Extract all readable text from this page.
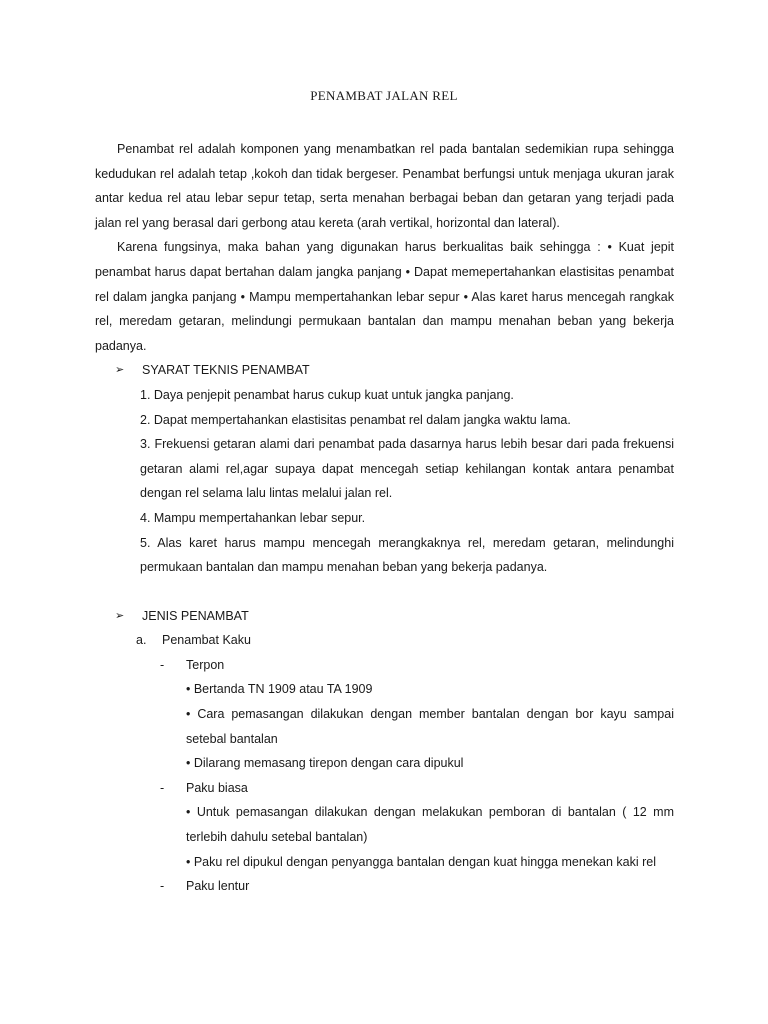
PENAMBAT JALAN REL

Penambat rel adalah komponen yang menambatkan rel pada bantalan sedemikian rupa sehingga kedudukan rel adalah tetap ,kokoh dan tidak bergeser. Penambat berfungsi untuk menjaga ukuran jarak antar kedua rel atau lebar sepur tetap, serta menahan berbagai beban dan getaran yang terjadi pada jalan rel yang berasal dari gerbong atau kereta (arah vertikal, horizontal dan lateral).

Karena fungsinya, maka bahan yang digunakan harus berkualitas baik sehingga : • Kuat jepit penambat harus dapat bertahan dalam jangka panjang • Dapat memepertahankan elastisitas penambat rel dalam jangka panjang • Mampu mempertahankan lebar sepur • Alas karet harus mencegah rangkak rel, meredam getaran, melindungi permukaan bantalan dan mampu menahan beban yang bekerja padanya.

➢ SYARAT TEKNIS PENAMBAT

1. Daya penjepit penambat harus cukup kuat untuk jangka panjang.

2. Dapat mempertahankan elastisitas penambat rel dalam jangka waktu lama.

3. Frekuensi getaran alami dari penambat pada dasarnya harus lebih besar dari pada frekuensi getaran alami rel,agar supaya dapat mencegah setiap kehilangan kontak antara penambat dengan rel selama lalu lintas melalui jalan rel.

4. Mampu mempertahankan lebar sepur.

5. Alas karet harus mampu mencegah merangkaknya rel, meredam getaran, melindunghi permukaan bantalan dan mampu menahan beban yang bekerja padanya.

➢ JENIS PENAMBAT

a. Penambat Kaku

- Terpon

• Bertanda TN 1909 atau TA 1909

• Cara pemasangan dilakukan dengan member bantalan dengan bor kayu sampai setebal bantalan

• Dilarang memasang tirepon dengan cara dipukul

- Paku biasa

• Untuk pemasangan dilakukan dengan melakukan pemboran di bantalan ( 12 mm terlebih dahulu setebal bantalan)

• Paku rel dipukul dengan penyangga bantalan dengan kuat hingga menekan kaki rel

- Paku lentur
